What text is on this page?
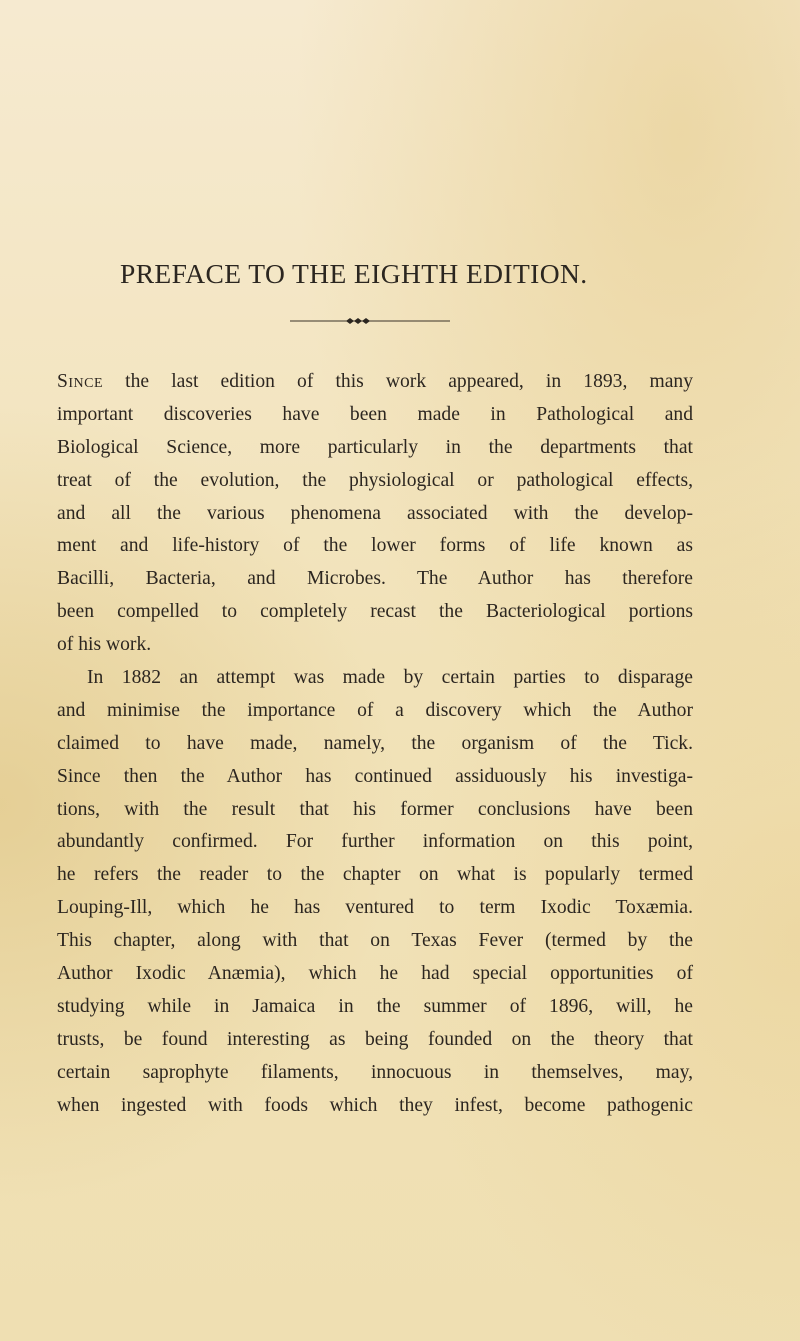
PREFACE TO THE EIGHTH EDITION.
Since the last edition of this work appeared, in 1893, many
important discoveries have been made in Pathological and
Biological Science, more particularly in the departments that
treat of the evolution, the physiological or pathological effects,
and all the various phenomena associated with the develop-
ment and life-history of the lower forms of life known as
Bacilli, Bacteria, and Microbes. The Author has therefore
been compelled to completely recast the Bacteriological portions
of his work.
In 1882 an attempt was made by certain parties to disparage
and minimise the importance of a discovery which the Author
claimed to have made, namely, the organism of the Tick.
Since then the Author has continued assiduously his investiga-
tions, with the result that his former conclusions have been
abundantly confirmed. For further information on this point,
he refers the reader to the chapter on what is popularly termed
Louping-Ill, which he has ventured to term Ixodic Toxæmia.
This chapter, along with that on Texas Fever (termed by the
Author Ixodic Anæmia), which he had special opportunities of
studying while in Jamaica in the summer of 1896, will, he
trusts, be found interesting as being founded on the theory that
certain saprophyte filaments, innocuous in themselves, may,
when ingested with foods which they infest, become pathogenic
